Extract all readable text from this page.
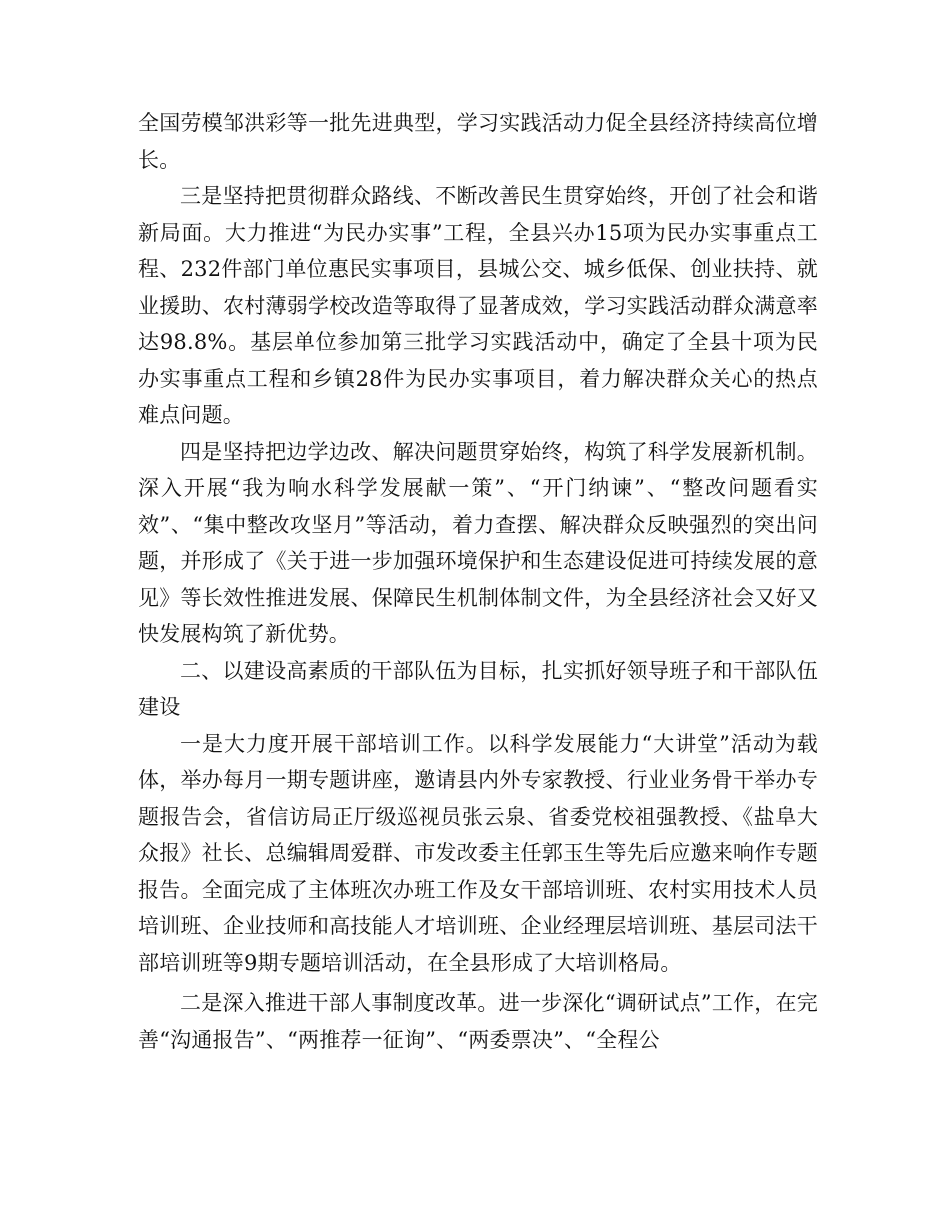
全国劳模邹洪彩等一批先进典型，学习实践活动力促全县经济持续高位增长。

三是坚持把贯彻群众路线、不断改善民生贯穿始终，开创了社会和谐新局面。大力推进“为民办实事”工程，全县兴办15项为民办实事重点工程、232件部门单位惠民实事项目，县城公交、城乡低保、创业扶持、就业援助、农村薄弱学校改造等取得了显著成效，学习实践活动群众满意率达98.8%。基层单位参加第三批学习实践活动中，确定了全县十项为民办实事重点工程和乡镇28件为民办实事项目，着力解决群众关心的热点难点问题。

四是坚持把边学边改、解决问题贯穿始终，构筑了科学发展新机制。深入开展“我为响水科学发展献一策”、“开门纳谏”、“整改问题看实效”、“集中整改攻坚月”等活动，着力查摆、解决群众反映强烈的突出问题，并形成了《关于进一步加强环境保护和生态建设促进可持续发展的意见》等长效性推进发展、保障民生机制体制文件，为全县经济社会又好又快发展构筑了新优势。

二、以建设高素质的干部队伍为目标，扎实抓好领导班子和干部队伍建设

一是大力度开展干部培训工作。以科学发展能力“大讲堂”活动为载体，举办每月一期专题讲座，邀请县内外专家教授、行业业务骨干举办专题报告会，省信访局正厅级巡视员张云泉、省委党校祖强教授、《盐阜大众报》社长、总编辑周爱群、市发改委主任郭玉生等先后应邀来响作专题报告。全面完成了主体班次办班工作及女干部培训班、农村实用技术人员培训班、企业技师和高技能人才培训班、企业经理层培训班、基层司法干部培训班等9期专题培训活动，在全县形成了大培训格局。

二是深入推进干部人事制度改革。进一步深化“调研试点”工作，在完善“沟通报告”、“两推荐一征询”、“两委票决”、“全程公
